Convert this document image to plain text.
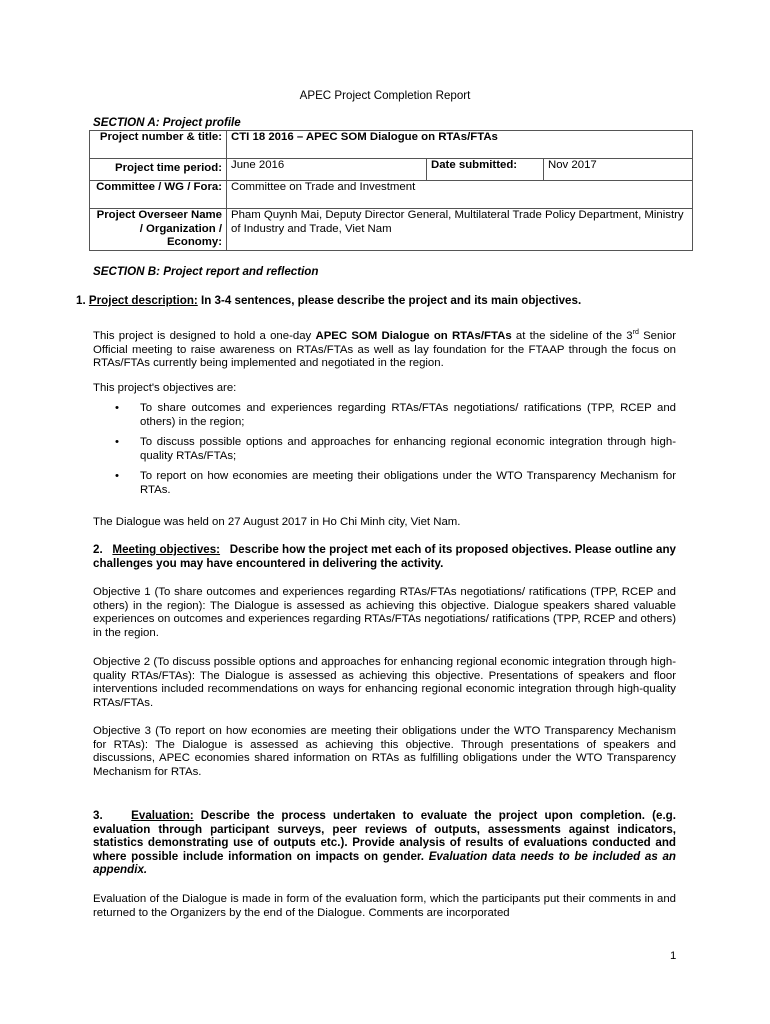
APEC Project Completion Report
SECTION A: Project profile
Project number & title:	CTI 18 2016 – APEC SOM Dialogue on RTAs/FTAs		
Project time period:	June 2016	Date submitted:	Nov 2017
Committee / WG / Fora:	Committee on Trade and Investment		
Project Overseer Name / Organization / Economy:	Pham Quynh Mai, Deputy Director General, Multilateral Trade Policy Department, Ministry of Industry and Trade, Viet Nam		
SECTION B: Project report and reflection
1. Project description: In 3-4 sentences, please describe the project and its main objectives.
This project is designed to hold a one-day APEC SOM Dialogue on RTAs/FTAs at the sideline of the 3rd Senior Official meeting to raise awareness on RTAs/FTAs as well as lay foundation for the FTAAP through the focus on RTAs/FTAs currently being implemented and negotiated in the region.
This project's objectives are:
• To share outcomes and experiences regarding RTAs/FTAs negotiations/ ratifications (TPP, RCEP and others) in the region;
• To discuss possible options and approaches for enhancing regional economic integration through high-quality RTAs/FTAs;
• To report on how economies are meeting their obligations under the WTO Transparency Mechanism for RTAs.
The Dialogue was held on 27 August 2017 in Ho Chi Minh city, Viet Nam.
2. Meeting objectives: Describe how the project met each of its proposed objectives. Please outline any challenges you may have encountered in delivering the activity.
Objective 1 (To share outcomes and experiences regarding RTAs/FTAs negotiations/ ratifications (TPP, RCEP and others) in the region): The Dialogue is assessed as achieving this objective. Dialogue speakers shared valuable experiences on outcomes and experiences regarding RTAs/FTAs negotiations/ ratifications (TPP, RCEP and others) in the region.
Objective 2 (To discuss possible options and approaches for enhancing regional economic integration through high-quality RTAs/FTAs): The Dialogue is assessed as achieving this objective. Presentations of speakers and floor interventions included recommendations on ways for enhancing regional economic integration through high-quality RTAs/FTAs.
Objective 3 (To report on how economies are meeting their obligations under the WTO Transparency Mechanism for RTAs): The Dialogue is assessed as achieving this objective. Through presentations of speakers and discussions, APEC economies shared information on RTAs as fulfilling obligations under the WTO Transparency Mechanism for RTAs.
3. Evaluation: Describe the process undertaken to evaluate the project upon completion. (e.g. evaluation through participant surveys, peer reviews of outputs, assessments against indicators, statistics demonstrating use of outputs etc.). Provide analysis of results of evaluations conducted and where possible include information on impacts on gender. Evaluation data needs to be included as an appendix.
Evaluation of the Dialogue is made in form of the evaluation form, which the participants put their comments in and returned to the Organizers by the end of the Dialogue. Comments are incorporated
1
